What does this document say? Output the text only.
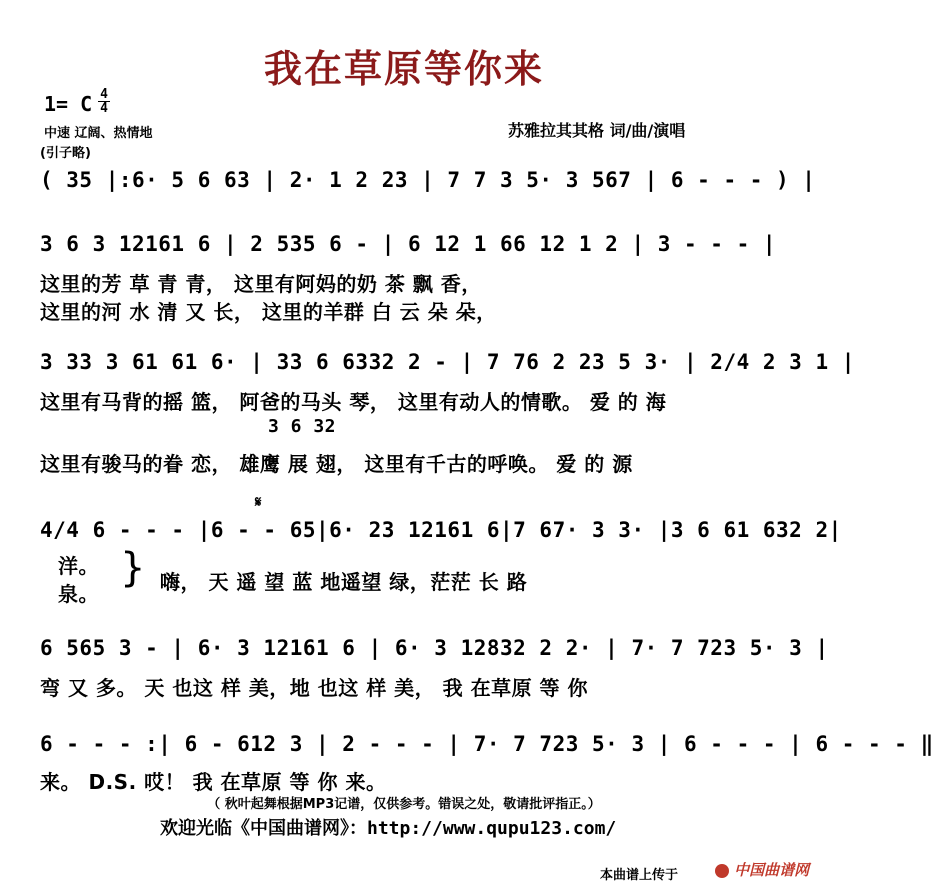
我在草原等你来
1= C 4
4
中速 辽阔、热情地
(引子略)
苏雅拉其其格 词/曲/演唱
( 35 |:6· 5 6 63 | 2· 1 2 23 | 7 7 3 5· 3 567 | 6 - - - ) |
3 6 3 12161 6 | 2 535 6 - | 6 12 1 66 12 1 2 | 3 - - - |
这里的芳 草 青 青， 这里有阿妈的奶 茶 飘 香，
这里的河 水 清 又 长， 这里的羊群 白 云 朵 朵，
3 33 3 61 61 6· | 33 6 6332 2 - | 7 76 2 23 5 3· | 2/4 2 3 1 |
这里有马背的摇 篮， 阿爸的马头 琴， 这里有动人的情歌。 爱 的 海
3 6 32
这里有骏马的眷 恋， 雄鹰 展 翅， 这里有千古的呼唤。 爱 的 源
𝄋
4/4 6 - - - |6 - - 65|6· 23 12161 6|7 67· 3 3· |3 6 61 632 2|
洋。
泉。
} 嗨， 天 遥 望 蓝 地遥望 绿，茫茫 长 路
6 565 3 - | 6· 3 12161 6 | 6· 3 12832 2 2· | 7· 7 723 5· 3 |
弯 又 多。 天 也这 样 美，地 也这 样 美， 我 在草原 等 你
6 - - - :| 6 - 612 3 | 2 - - - | 7· 7 723 5· 3 | 6 - - - | 6 - - - ‖
来。 D.S. 哎！ 我 在草原 等 你 来。
（ 秋叶起舞根据MP3记谱，仅供参考。错误之处，敬请批评指正。）
欢迎光临《中国曲谱网》：http://www.qupu123.com/
本曲谱上传于	中国曲谱网
